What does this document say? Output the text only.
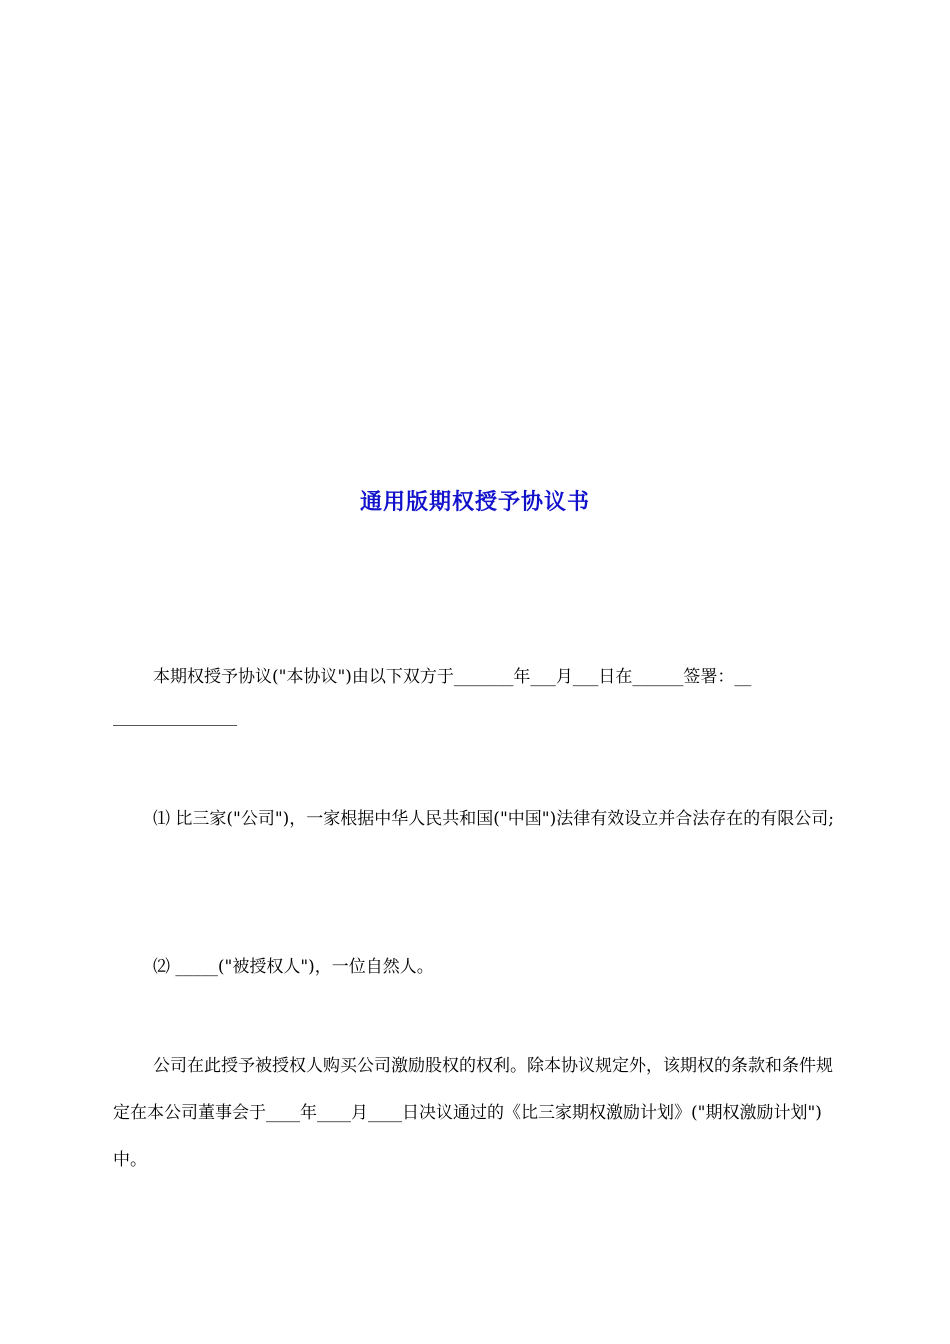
通用版期权授予协议书
本期权授予协议("本协议")由以下双方于_______年___月___日在______签署：__
⑴ 比三家("公司")，一家根据中华人民共和国("中国")法律有效设立并合法存在的有限公司;
⑵ _____("被授权人")，一位自然人。
公司在此授予被授权人购买公司激励股权的权利。除本协议规定外，该期权的条款和条件规定在本公司董事会于____年____月____日决议通过的《比三家期权激励计划》("期权激励计划")中。
